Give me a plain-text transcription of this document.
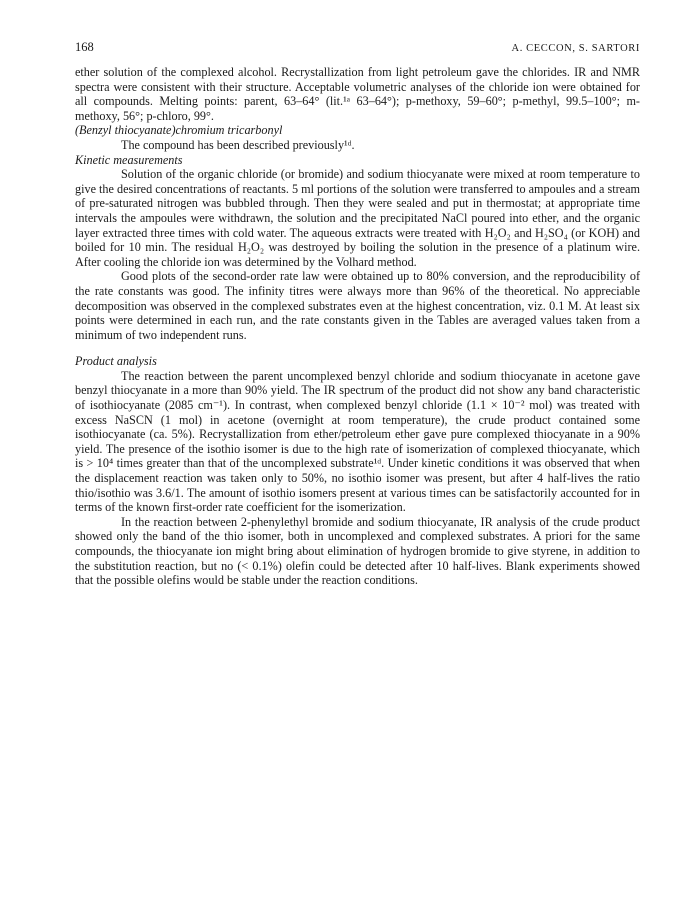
168	A. CECCON, S. SARTORI

ether solution of the complexed alcohol. Recrystallization from light petroleum gave the chlorides. IR and NMR spectra were consistent with their structure. Acceptable volumetric analyses of the chloride ion were obtained for all compounds. Melting points: parent, 63–64° (lit.¹ᵃ 63–64°); p-methoxy, 59–60°; p-methyl, 99.5–100°; m-methoxy, 56°; p-chloro, 99°.

(Benzyl thiocyanate)chromium tricarbonyl

The compound has been described previously¹ᵈ.

Kinetic measurements

Solution of the organic chloride (or bromide) and sodium thiocyanate were mixed at room temperature to give the desired concentrations of reactants. 5 ml portions of the solution were transferred to ampoules and a stream of pre-saturated nitrogen was bubbled through. Then they were sealed and put in thermostat; at appropriate time intervals the ampoules were withdrawn, the solution and the precipitated NaCl poured into ether, and the organic layer extracted three times with cold water. The aqueous extracts were treated with H₂O₂ and H₂SO₄ (or KOH) and boiled for 10 min. The residual H₂O₂ was destroyed by boiling the solution in the presence of a platinum wire. After cooling the chloride ion was determined by the Volhard method.

Good plots of the second-order rate law were obtained up to 80% conversion, and the reproducibility of the rate constants was good. The infinity titres were always more than 96% of the theoretical. No appreciable decomposition was observed in the complexed substrates even at the highest concentration, viz. 0.1 M. At least six points were determined in each run, and the rate constants given in the Tables are averaged values taken from a minimum of two independent runs.

Product analysis

The reaction between the parent uncomplexed benzyl chloride and sodium thiocyanate in acetone gave benzyl thiocyanate in a more than 90% yield. The IR spectrum of the product did not show any band characteristic of isothiocyanate (2085 cm⁻¹). In contrast, when complexed benzyl chloride (1.1 × 10⁻² mol) was treated with excess NaSCN (1 mol) in acetone (overnight at room temperature), the crude product contained some isothiocyanate (ca. 5%). Recrystallization from ether/petroleum ether gave pure complexed thiocyanate in a 90% yield. The presence of the isothio isomer is due to the high rate of isomerization of complexed thiocyanate, which is > 10⁴ times greater than that of the uncomplexed substrate¹ᵈ. Under kinetic conditions it was observed that when the displacement reaction was taken only to 50%, no isothio isomer was present, but after 4 half-lives the ratio thio/isothio was 3.6/1. The amount of isothio isomers present at various times can be satisfactorily accounted for in terms of the known first-order rate coefficient for the isomerization.

In the reaction between 2-phenylethyl bromide and sodium thiocyanate, IR analysis of the crude product showed only the band of the thio isomer, both in uncomplexed and complexed substrates. A priori for the same compounds, the thiocyanate ion might bring about elimination of hydrogen bromide to give styrene, in addition to the substitution reaction, but no (< 0.1%) olefin could be detected after 10 half-lives. Blank experiments showed that the possible olefins would be stable under the reaction conditions.
